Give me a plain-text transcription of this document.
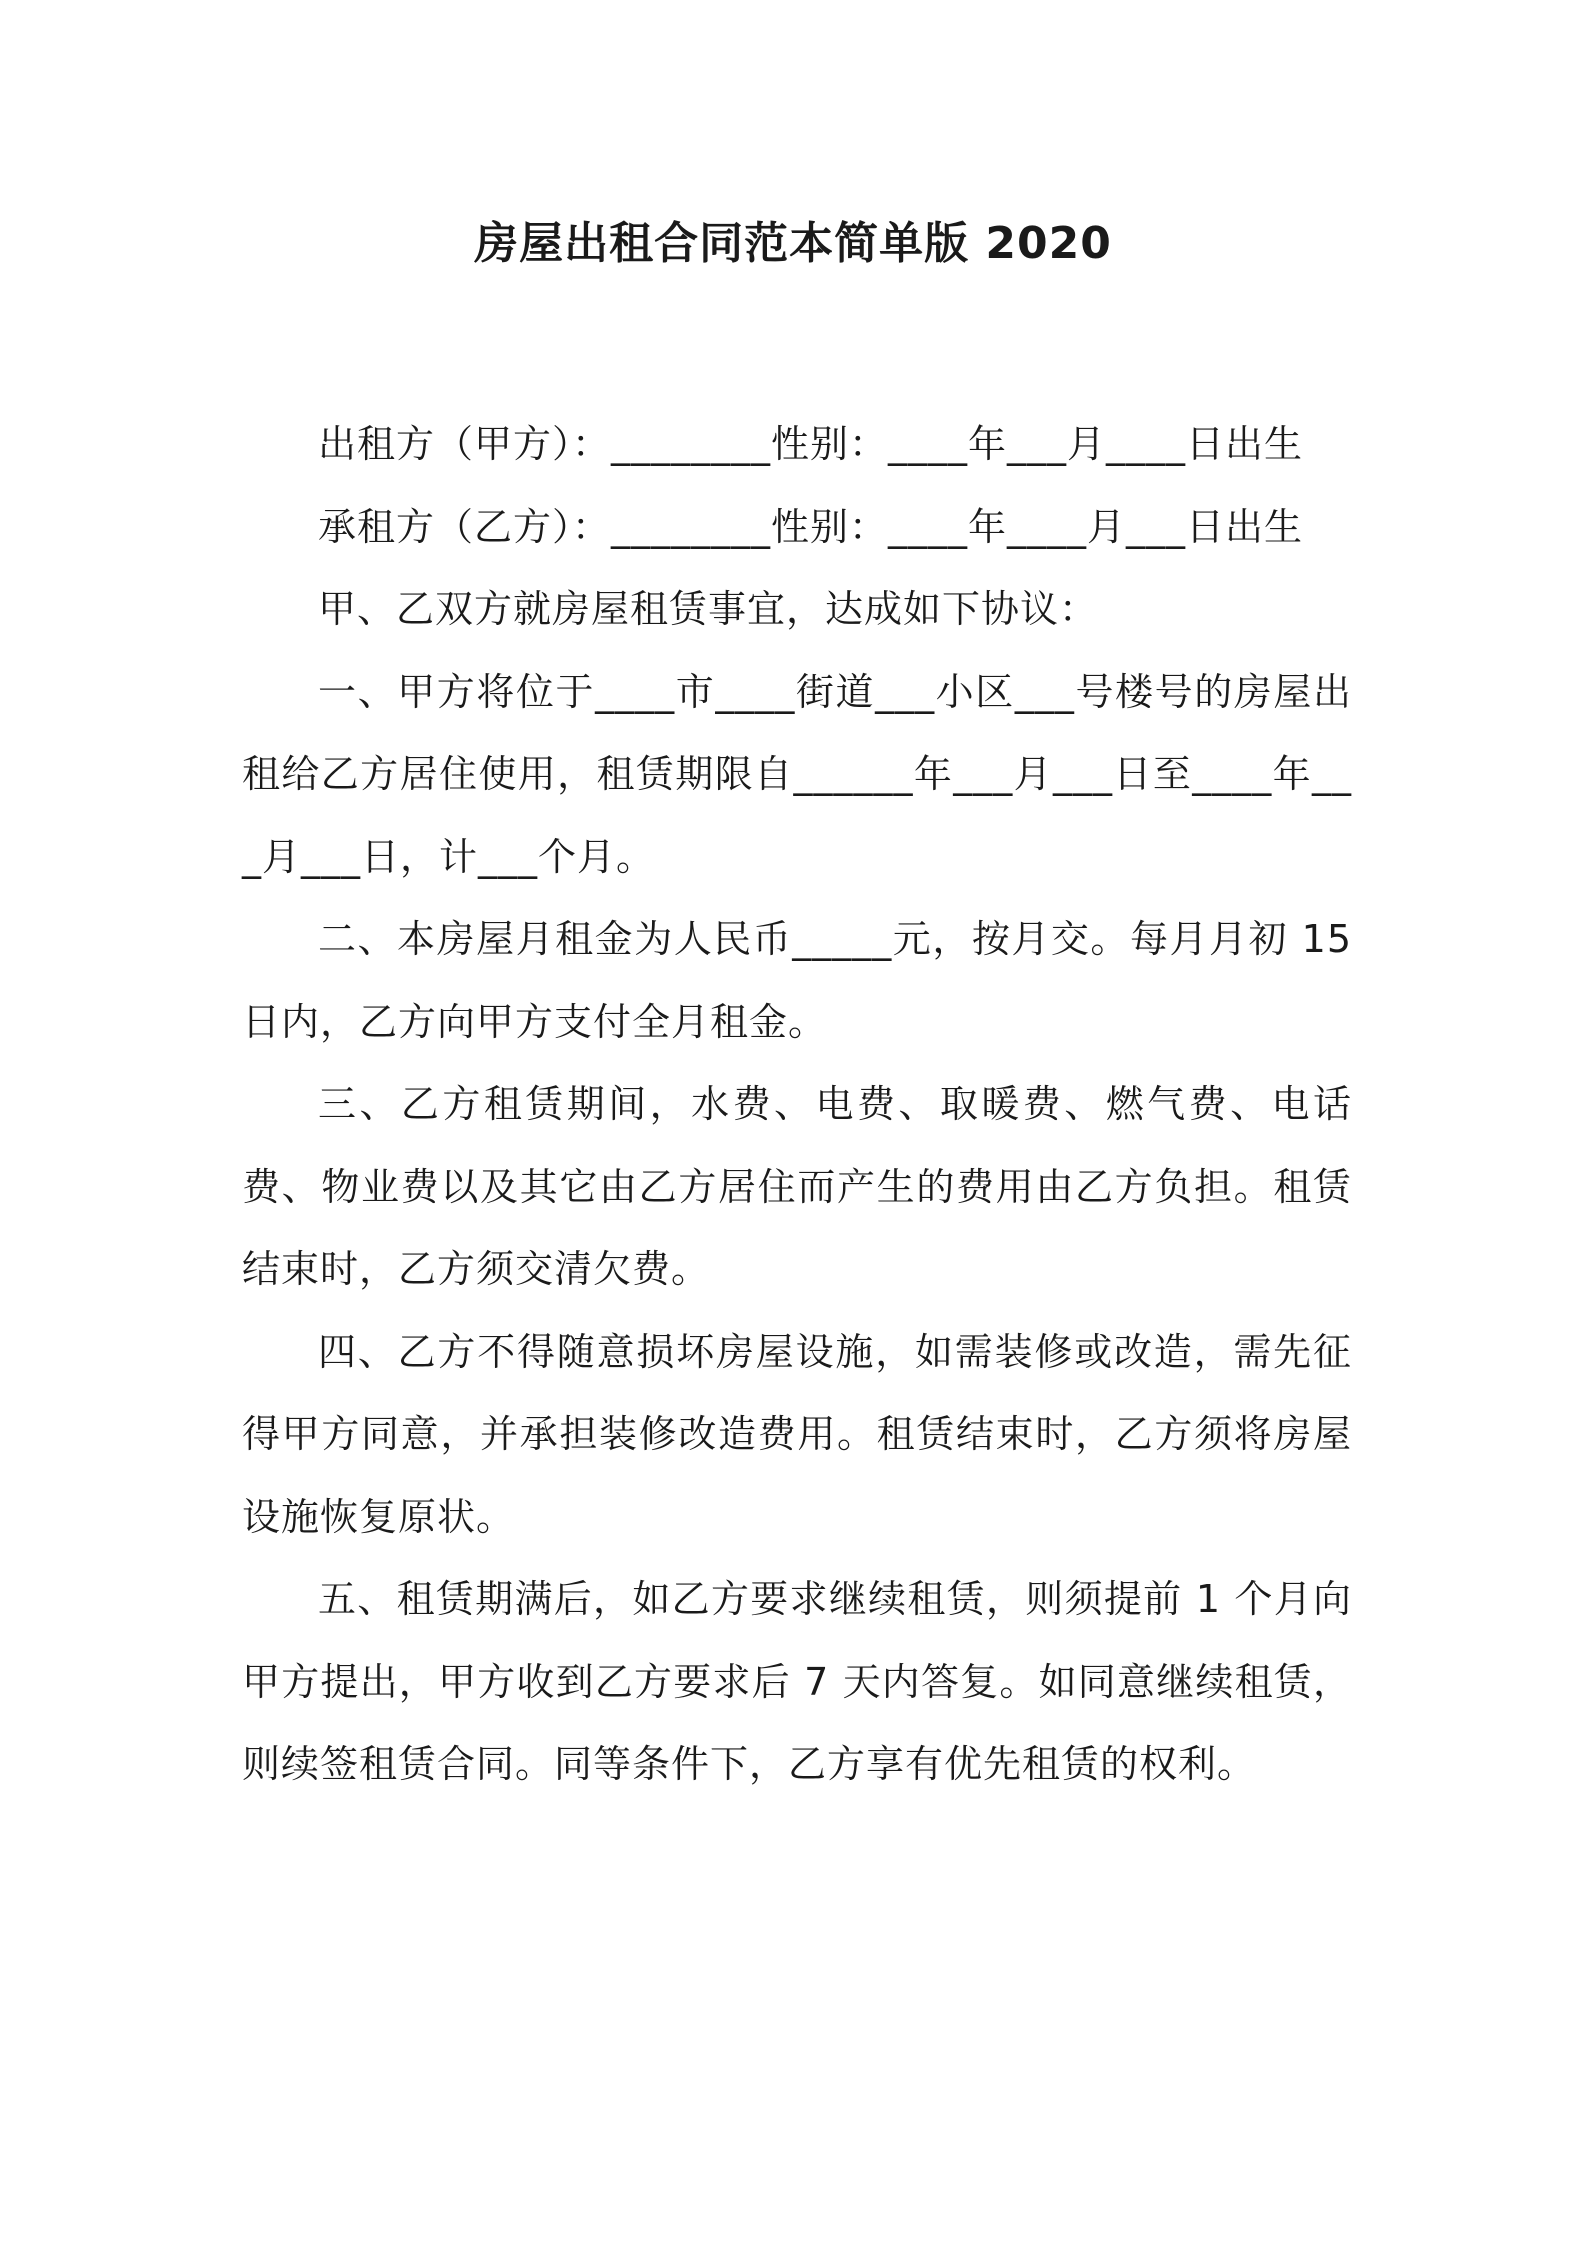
房屋出租合同范本简单版 2020

出租方（甲方）：________性别：____年___月____日出生

承租方（乙方）：________性别：____年____月___日出生

甲、乙双方就房屋租赁事宜，达成如下协议：

一、甲方将位于____市____街道___小区___号楼号的房屋出租给乙方居住使用，租赁期限自______年___月___日至____年___月___日，计___个月。

二、本房屋月租金为人民币_____元，按月交。每月月初 15 日内，乙方向甲方支付全月租金。

三、乙方租赁期间，水费、电费、取暖费、燃气费、电话费、物业费以及其它由乙方居住而产生的费用由乙方负担。租赁结束时，乙方须交清欠费。

四、乙方不得随意损坏房屋设施，如需装修或改造，需先征得甲方同意，并承担装修改造费用。租赁结束时，乙方须将房屋设施恢复原状。

五、租赁期满后，如乙方要求继续租赁，则须提前 1 个月向甲方提出，甲方收到乙方要求后 7 天内答复。如同意继续租赁，则续签租赁合同。同等条件下，乙方享有优先租赁的权利。
